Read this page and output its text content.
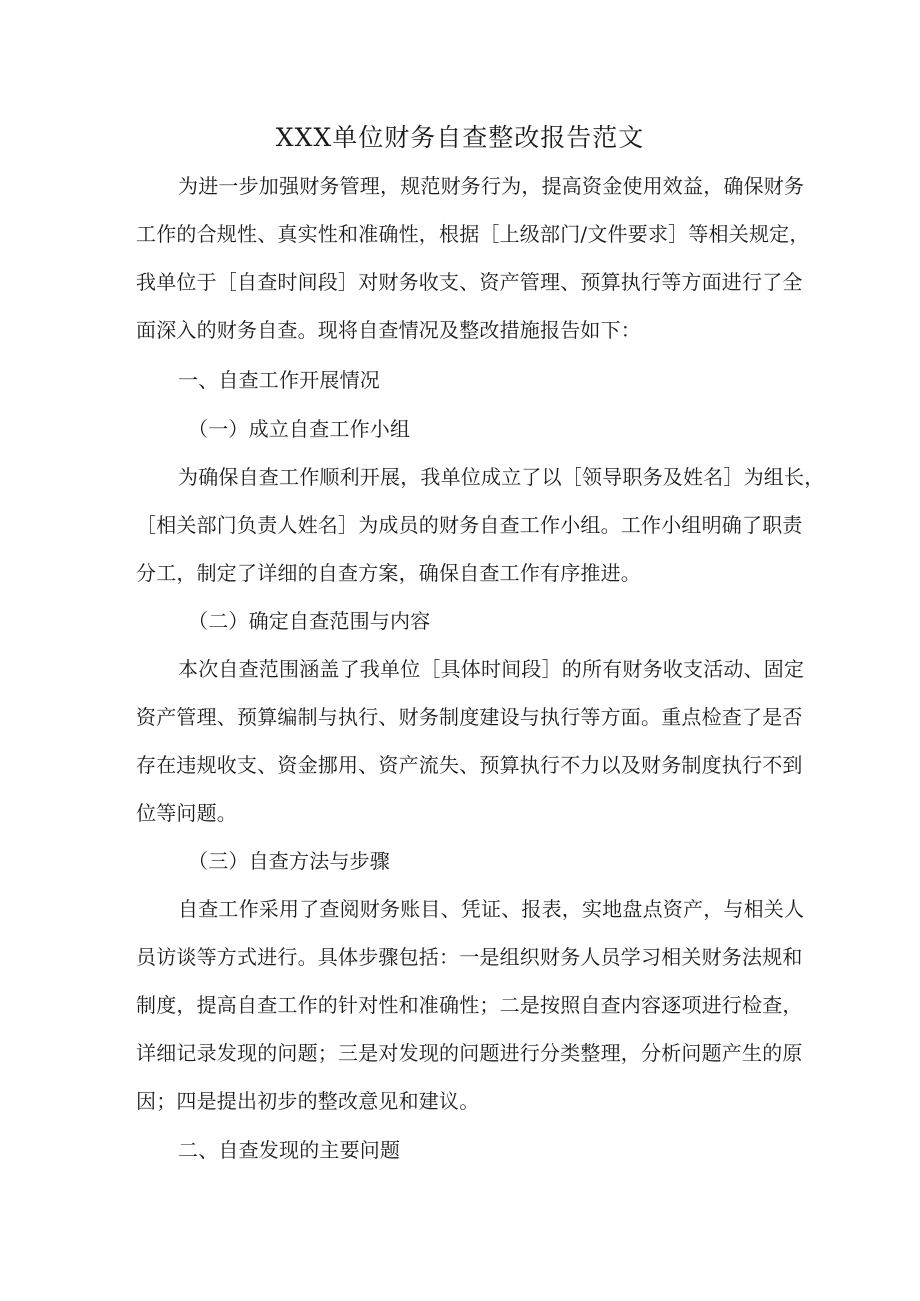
XXX单位财务自查整改报告范文
为进一步加强财务管理，规范财务行为，提高资金使用效益，确保财务
工作的合规性、真实性和准确性，根据［上级部门/文件要求］等相关规定，
我单位于［自查时间段］对财务收支、资产管理、预算执行等方面进行了全
面深入的财务自查。现将自查情况及整改措施报告如下：
一、自查工作开展情况
（一）成立自查工作小组
为确保自查工作顺利开展，我单位成立了以［领导职务及姓名］为组长，
［相关部门负责人姓名］为成员的财务自查工作小组。工作小组明确了职责
分工，制定了详细的自查方案，确保自查工作有序推进。
（二）确定自查范围与内容
本次自查范围涵盖了我单位［具体时间段］的所有财务收支活动、固定
资产管理、预算编制与执行、财务制度建设与执行等方面。重点检查了是否
存在违规收支、资金挪用、资产流失、预算执行不力以及财务制度执行不到
位等问题。
（三）自查方法与步骤
自查工作采用了查阅财务账目、凭证、报表，实地盘点资产，与相关人
员访谈等方式进行。具体步骤包括：一是组织财务人员学习相关财务法规和
制度，提高自查工作的针对性和准确性；二是按照自查内容逐项进行检查，
详细记录发现的问题；三是对发现的问题进行分类整理，分析问题产生的原
因；四是提出初步的整改意见和建议。
二、自查发现的主要问题
